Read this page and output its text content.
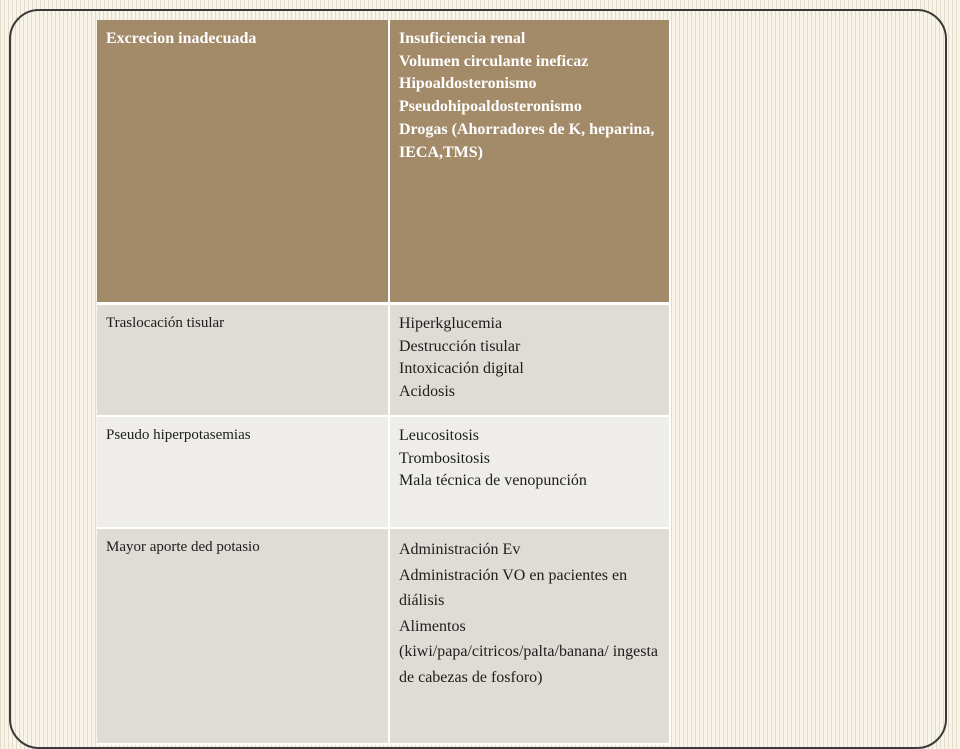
Excrecion inadecuada	Insuficiencia renal
Volumen circulante ineficaz
Hipoaldosteronismo
Pseudohipoaldosteronismo
Drogas (Ahorradores de K, heparina, IECA,TMS)

Traslocación tisular	Hiperkglucemia
Destrucción tisular
Intoxicación digital
Acidosis

Pseudo hiperpotasemias	Leucositosis
Trombositosis
Mala técnica de venopunción

Mayor aporte ded potasio	Administración Ev
Administración VO en pacientes en diálisis
Alimentos (kiwi/papa/citricos/palta/banana/ ingesta de cabezas de fosforo)
